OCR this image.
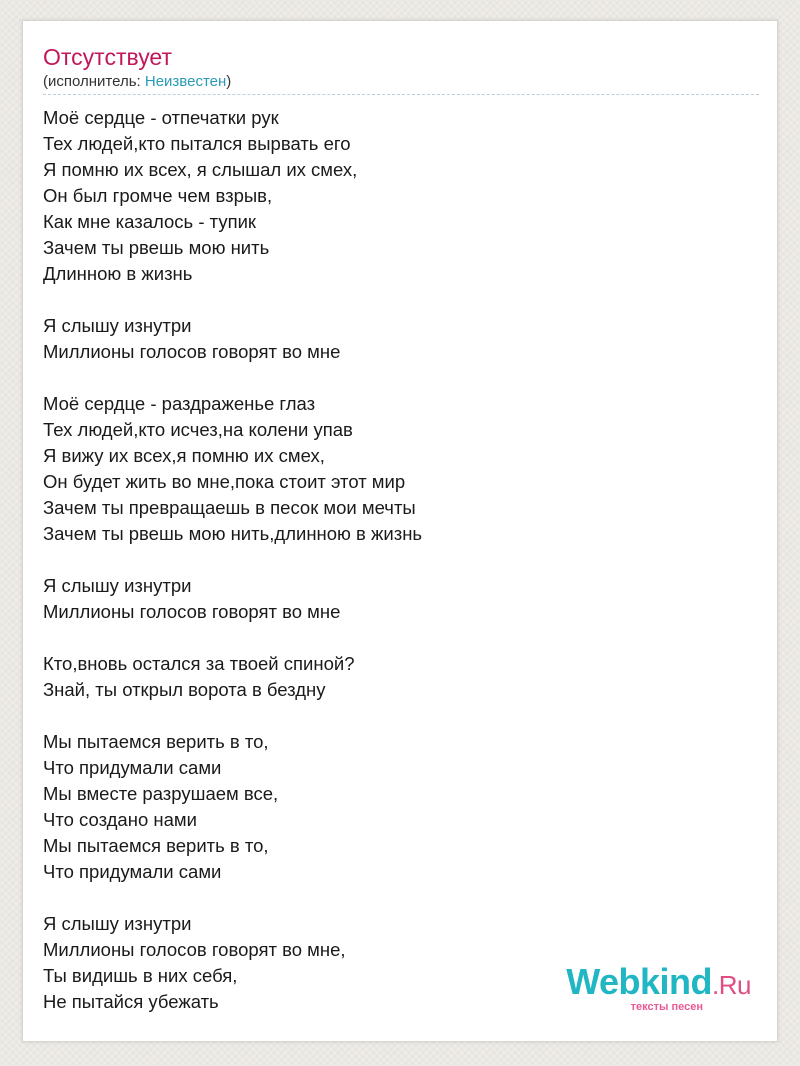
Отсутствует
(исполнитель: Неизвестен)
Моё сердце - отпечатки рук
Тех людей,кто пытался вырвать его
Я помню их всех, я слышал их смех,
Он был громче чем взрыв,
Как мне казалось - тупик
Зачем ты рвешь мою нить
Длинною в жизнь
Я слышу изнутри
Миллионы голосов говорят во мне
Моё сердце - раздраженье глаз
Тех людей,кто исчез,на колени упав
Я вижу их всех,я помню их смех,
Он будет жить во мне,пока стоит этот мир
Зачем ты превращаешь в песок мои мечты
Зачем ты рвешь мою нить,длинною в жизнь
Я слышу изнутри
Миллионы голосов говорят во мне
Кто,вновь остался за твоей спиной?
Знай, ты открыл ворота в бездну
Мы пытаемся верить в то,
Что придумали сами
Мы вместе разрушаем все,
Что создано нами
Мы пытаемся верить в то,
Что придумали сами
Я слышу изнутри
Миллионы голосов говорят во мне,
Ты видишь в них себя,
Не пытайся убежать	Webkind.Ru
тексты песен
